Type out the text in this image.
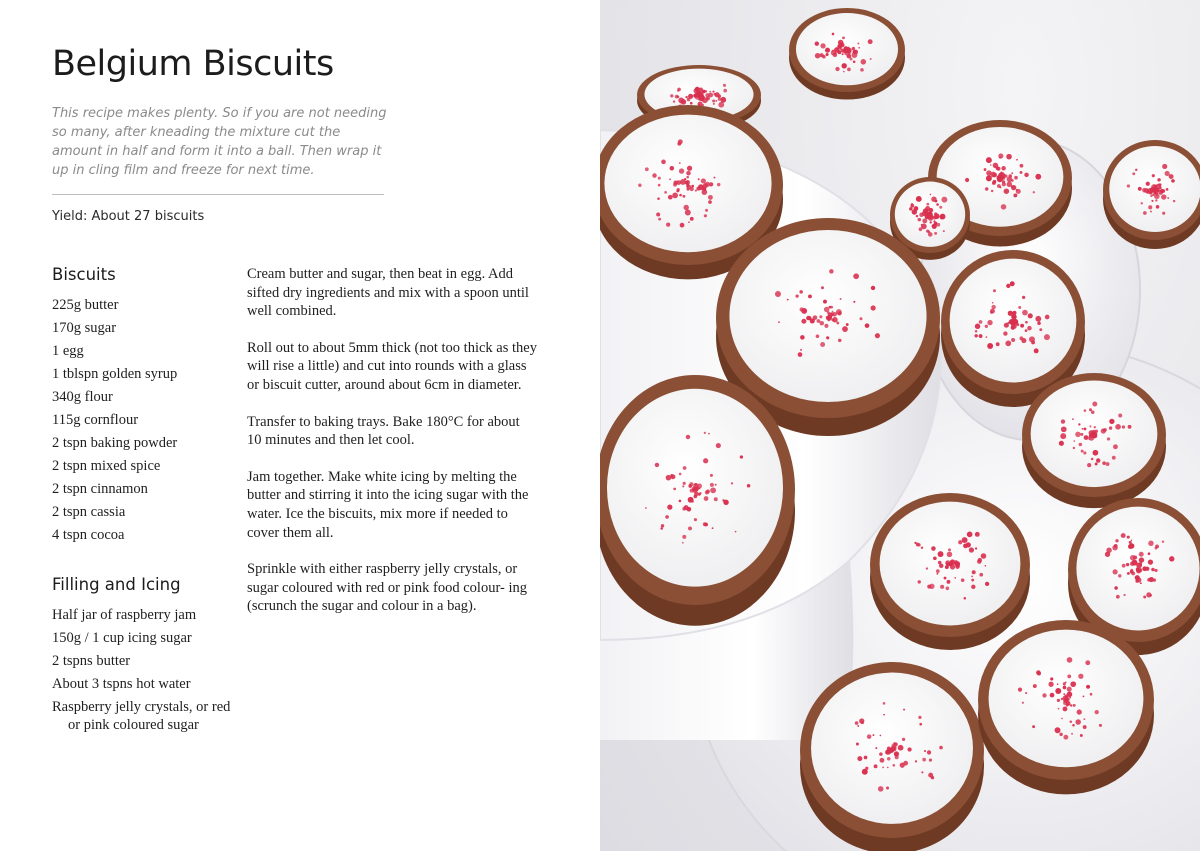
Belgium Biscuits

This recipe makes plenty. So if you are not needing so many, after kneading the mixture cut the amount in half and form it into a ball. Then wrap it up in cling film and freeze for next time.

Yield: About 27 biscuits

Biscuits
225g butter
170g sugar
1 egg
1 tblspn golden syrup
340g flour
115g cornflour
2 tspn baking powder
2 tspn mixed spice
2 tspn cinnamon
2 tspn cassia
4 tspn cocoa
Filling and Icing
Half jar of raspberry jam
150g / 1 cup icing sugar
2 tspns butter
About 3 tspns hot water
Raspberry jelly crystals, or red or pink coloured sugar

Cream butter and sugar, then beat in egg. Add sifted dry ingredients and mix with a spoon until well combined.

Roll out to about 5mm thick (not too thick as they will rise a little) and cut into rounds with a glass or biscuit cutter, around about 6cm in diameter.

Transfer to baking trays. Bake 180°C for about 10 minutes and then let cool.

Jam together. Make white icing by melting the butter and stirring it into the icing sugar with the water. Ice the biscuits, mix more if needed to cover them all.

Sprinkle with either raspberry jelly crystals, or sugar coloured with red or pink food colour- ing (scrunch the sugar and colour in a bag).
